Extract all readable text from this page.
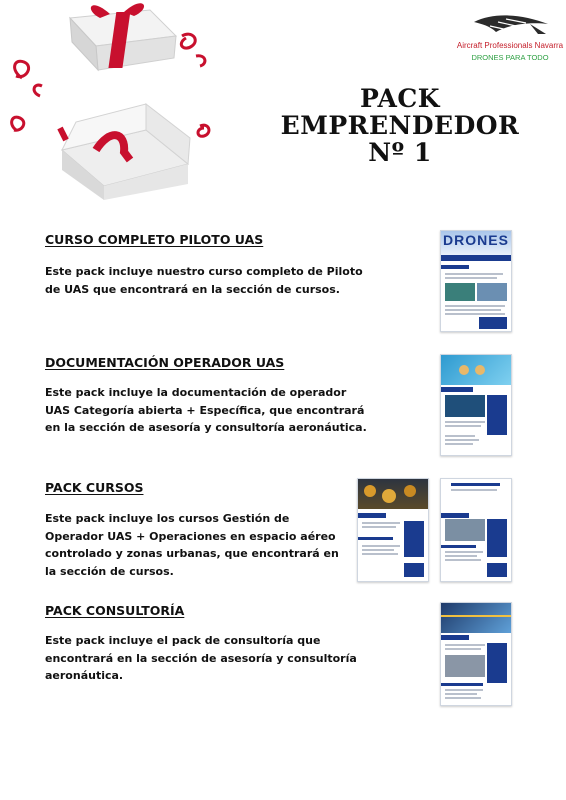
Aircraft Professionals Navarra
DRONES PARA TODO
PACK
EMPRENDEDOR
Nº 1
CURSO COMPLETO PILOTO UAS
Este pack incluye nuestro curso completo de Piloto
de UAS que encontrará en la sección de cursos.
DOCUMENTACIÓN OPERADOR UAS
Este pack incluye la documentación de operador
UAS Categoría abierta + Específica, que encontrará
en la sección de asesoría y consultoría aeronáutica.
PACK CURSOS
Este pack incluye los cursos Gestión de
Operador UAS + Operaciones en espacio aéreo
controlado y zonas urbanas, que encontrará en
la sección de cursos.
PACK CONSULTORÍA
Este pack incluye el pack de consultoría que
encontrará en la sección de asesoría y consultoría
aeronáutica.
DRONES
